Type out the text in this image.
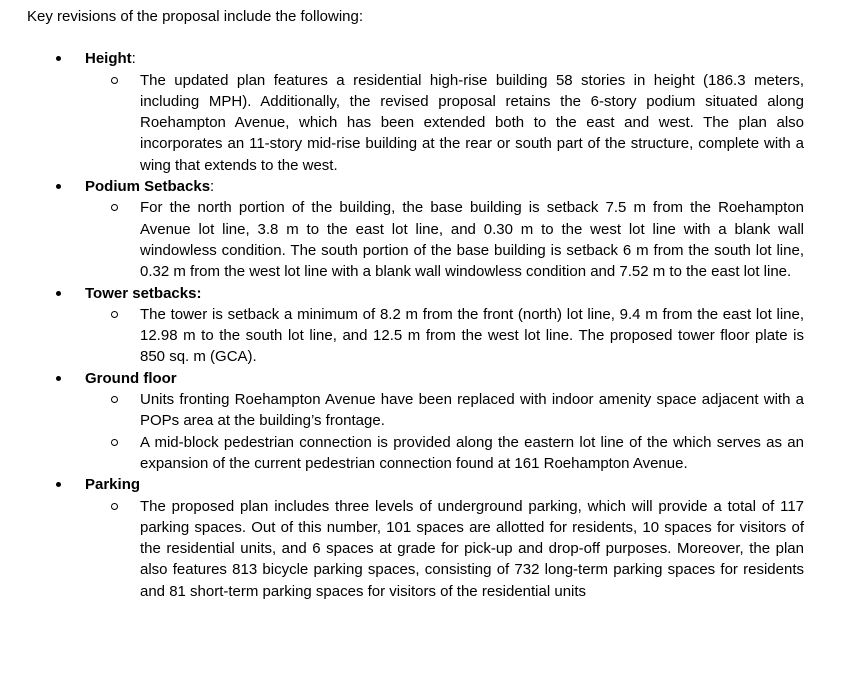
Key revisions of the proposal include the following:

Height:
The updated plan features a residential high-rise building 58 stories in height (186.3 meters, including MPH). Additionally, the revised proposal retains the 6-story podium situated along Roehampton Avenue, which has been extended both to the east and west. The plan also incorporates an 11-story mid-rise building at the rear or south part of the structure, complete with a wing that extends to the west.
Podium Setbacks:
For the north portion of the building, the base building is setback 7.5 m from the Roehampton Avenue lot line, 3.8 m to the east lot line, and 0.30 m to the west lot line with a blank wall windowless condition. The south portion of the base building is setback 6 m from the south lot line, 0.32 m from the west lot line with a blank wall windowless condition and 7.52 m to the east lot line.
Tower setbacks:
The tower is setback a minimum of 8.2 m from the front (north) lot line, 9.4 m from the east lot line, 12.98 m to the south lot line, and 12.5 m from the west lot line. The proposed tower floor plate is 850 sq. m (GCA).
Ground floor
Units fronting Roehampton Avenue have been replaced with indoor amenity space adjacent with a POPs area at the building’s frontage.
A mid-block pedestrian connection is provided along the eastern lot line of the which serves as an expansion of the current pedestrian connection found at 161 Roehampton Avenue.
Parking
The proposed plan includes three levels of underground parking, which will provide a total of 117 parking spaces. Out of this number, 101 spaces are allotted for residents, 10 spaces for visitors of the residential units, and 6 spaces at grade for pick-up and drop-off purposes. Moreover, the plan also features 813 bicycle parking spaces, consisting of 732 long-term parking spaces for residents and 81 short-term parking spaces for visitors of the residential units
